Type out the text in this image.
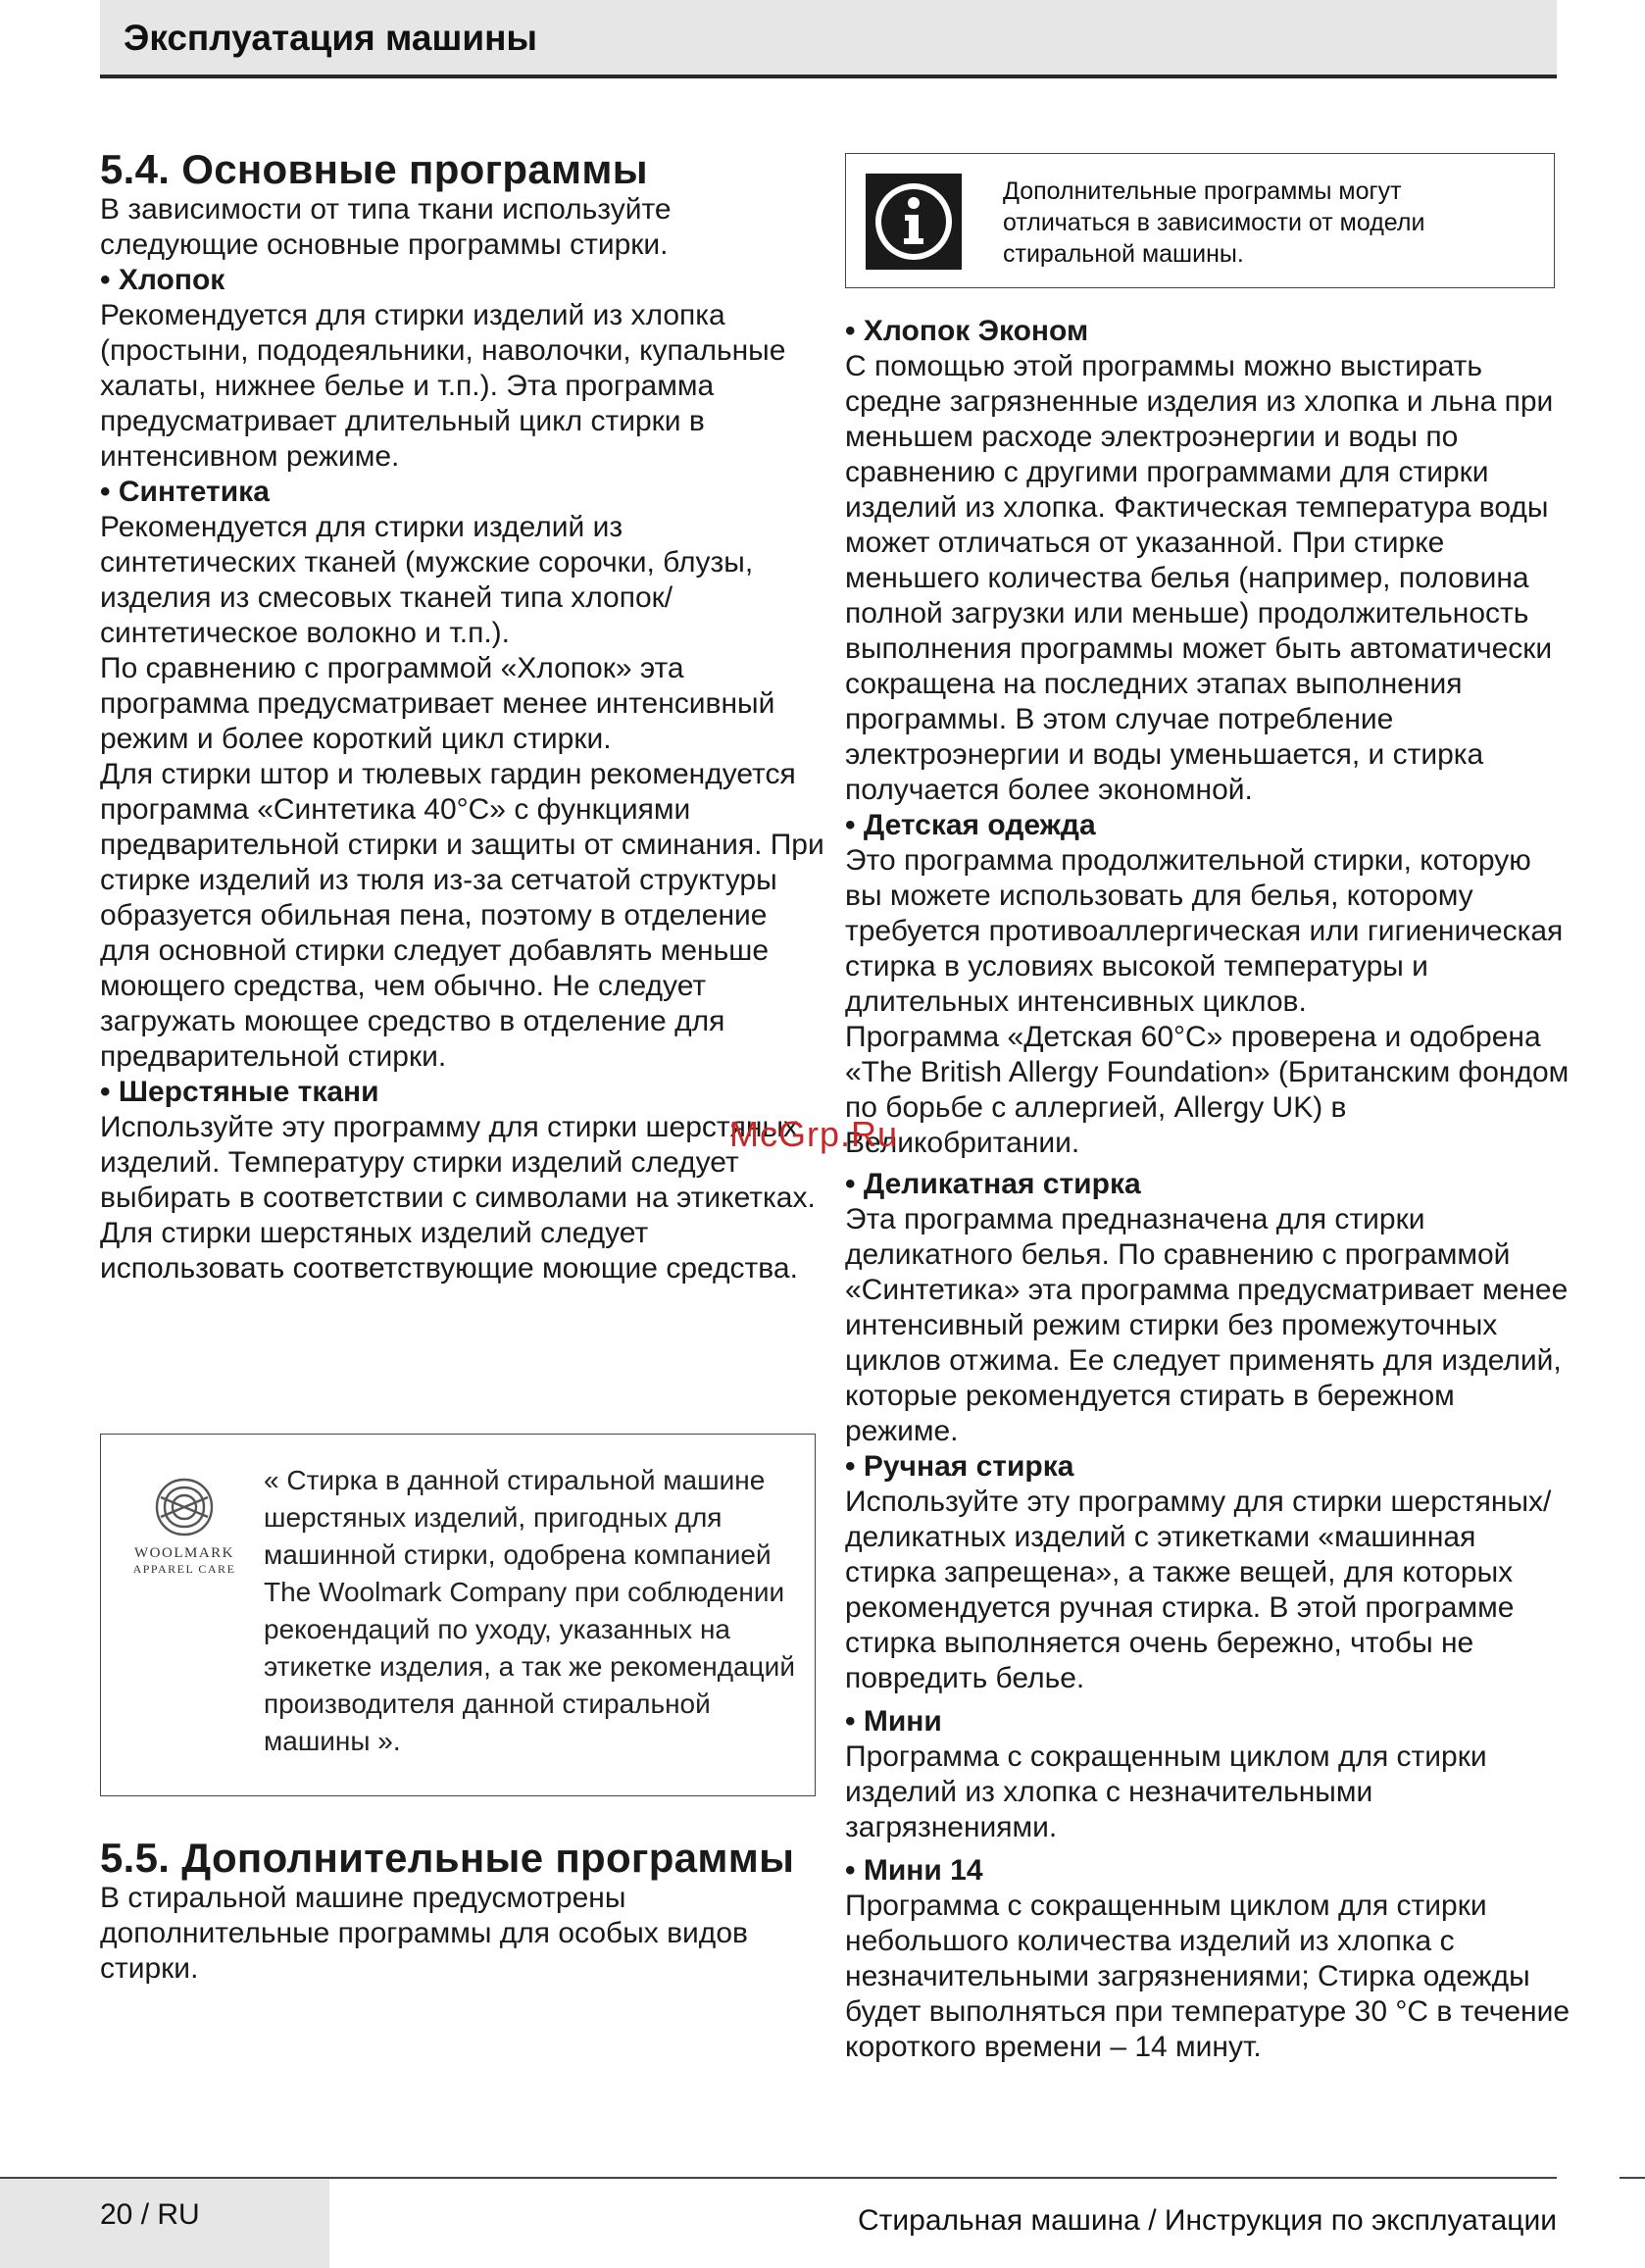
Эксплуатация машины
5.4. Основные программы

В зависимости от типа ткани используйте следующие основные программы стирки.

• Хлопок

Рекомендуется для стирки изделий из хлопка (простыни, пододеяльники, наволочки, купальные халаты, нижнее белье и т.п.). Эта программа предусматривает длительный цикл стирки в интенсивном режиме.

• Синтетика

Рекомендуется для стирки изделий из синтетических тканей (мужские сорочки, блузы, изделия из смесовых тканей типа хлопок/синтетическое волокно и т.п.).

По сравнению с программой «Хлопок» эта программа предусматривает менее интенсивный режим и более короткий цикл стирки.

Для стирки штор и тюлевых гардин рекомендуется программа «Синтетика 40°C» с функциями предварительной стирки и защиты от сминания. При стирке изделий из тюля из-за сетчатой структуры образуется обильная пена, поэтому в отделение для основной стирки следует добавлять меньше моющего средства, чем обычно. Не следует загружать моющее средство в отделение для предварительной стирки.

• Шерстяные ткани

Используйте эту программу для стирки шерстяных изделий. Температуру стирки изделий следует выбирать в соответствии с символами на этикетках. Для стирки шерстяных изделий следует использовать соответствующие моющие средства.

WOOLMARK
APPAREL CARE
« Стирка в данной стиральной машине шерстяных изделий, пригодных для машинной стирки, одобрена компанией The Woolmark Company при соблюдении рекоендаций по уходу, указанных на этикетке изделия, а так же рекомендаций производителя данной стиральной машины ».
5.5. Дополнительные программы

В стиральной машине предусмотрены дополнительные программы для особых видов стирки.

Дополнительные программы могут отличаться в зависимости от модели стиральной машины.

• Хлопок Эконом

С помощью этой программы можно выстирать средне загрязненные изделия из хлопка и льна при меньшем расходе электроэнергии и воды по сравнению с другими программами для стирки изделий из хлопка. Фактическая температура воды может отличаться от указанной. При стирке меньшего количества белья (например, половина полной загрузки или меньше) продолжительность выполнения программы может быть автоматически сокращена на последних этапах выполнения программы. В этом случае потребление электроэнергии и воды уменьшается, и стирка получается более экономной.

• Детская одежда

Это программа продолжительной стирки, которую вы можете использовать для белья, которому требуется противоаллергическая или гигиеническая стирка в условиях высокой температуры и длительных интенсивных циклов.

Программа «Детская 60°C» проверена и одобрена «The British Allergy Foundation» (Британским фондом по борьбе с аллергией, Allergy UK) в Великобритании.

• Деликатная стирка

Эта программа предназначена для стирки деликатного белья. По сравнению с программой «Синтетика» эта программа предусматривает менее интенсивный режим стирки без промежуточных циклов отжима. Ее следует применять для изделий, которые рекомендуется стирать в бережном режиме.

• Ручная стирка

Используйте эту программу для стирки шерстяных/деликатных изделий с этикетками «машинная стирка запрещена», а также вещей, для которых рекомендуется ручная стирка. В этой программе стирка выполняется очень бережно, чтобы не повредить белье.

• Мини

Программа с сокращенным циклом для стирки изделий из хлопка с незначительными загрязнениями.

• Мини 14

Программа с сокращенным циклом для стирки небольшого количества изделий из хлопка с незначительными загрязнениями; Стирка одежды будет выполняться при температуре 30 °C в течение короткого времени – 14 минут.

McGrp.Ru
20 / RU	Стиральная машина / Инструкция по эксплуатации
